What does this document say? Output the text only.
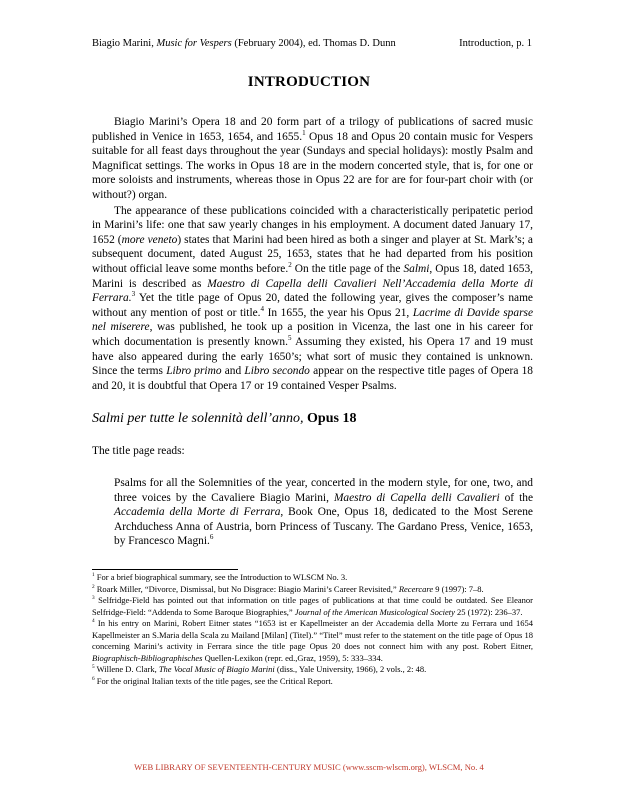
Biagio Marini, Music for Vespers (February 2004), ed. Thomas D. Dunn	Introduction, p. 1
INTRODUCTION

Biagio Marini’s Opera 18 and 20 form part of a trilogy of publications of sacred music published in Venice in 1653, 1654, and 1655.$^1$ Opus 18 and Opus 20 contain music for Vespers suitable for all feast days throughout the year (Sundays and special holidays): mostly Psalm and Magnificat settings. The works in Opus 18 are in the modern concerted style, that is, for one or more soloists and instruments, whereas those in Opus 22 are for are for four-part choir with (or without?) organ.

The appearance of these publications coincided with a characteristically peripatetic period in Marini’s life: one that saw yearly changes in his employment. A document dated January 17, 1652 (more veneto) states that Marini had been hired as both a singer and player at St. Mark’s; a subsequent document, dated August 25, 1653, states that he had departed from his position without official leave some months before.$^2$ On the title page of the Salmi, Opus 18, dated 1653, Marini is described as Maestro di Capella delli Cavalieri Nell’Accademia della Morte di Ferrara.$^3$ Yet the title page of Opus 20, dated the following year, gives the composer’s name without any mention of post or title.$^4$ In 1655, the year his Opus 21, Lacrime di Davide sparse nel miserere, was published, he took up a position in Vicenza, the last one in his career for which documentation is presently known.$^5$ Assuming they existed, his Opera 17 and 19 must have also appeared during the early 1650’s; what sort of music they contained is unknown. Since the terms Libro primo and Libro secondo appear on the respective title pages of Opera 18 and 20, it is doubtful that Opera 17 or 19 contained Vesper Psalms.

Salmi per tutte le solennità dell’anno, Opus 18
The title page reads:

Psalms for all the Solemnities of the year, concerted in the modern style, for one, two, and three voices by the Cavaliere Biagio Marini, Maestro di Capella delli Cavalieri of the Accademia della Morte di Ferrara, Book One, Opus 18, dedicated to the Most Serene Archduchess Anna of Austria, born Princess of Tuscany. The Gardano Press, Venice, 1653, by Francesco Magni.$^6$

$^1$ For a brief biographical summary, see the Introduction to WLSCM No. 3.

$^2$ Roark Miller, “Divorce, Dismissal, but No Disgrace: Biagio Marini’s Career Revisited,” Recercare 9 (1997): 7–8.

$^3$ Selfridge-Field has pointed out that information on title pages of publications at that time could be outdated. See Eleanor Selfridge-Field: “Addenda to Some Baroque Biographies,” Journal of the American Musicological Society 25 (1972): 236–37.

$^4$ In his entry on Marini, Robert Eitner states “1653 ist er Kapellmeister an der Accademia della Morte zu Ferrara und 1654 Kapellmeister an S.Maria della Scala zu Mailand [Milan] (Titel).” “Titel” must refer to the statement on the title page of Opus 18 concerning Marini’s activity in Ferrara since the title page Opus 20 does not connect him with any post. Robert Eitner, Biographisch-Bibliographisches Quellen-Lexikon (repr. ed.,Graz, 1959), 5: 333–334.

$^5$ Willene D. Clark, The Vocal Music of Biagio Marini (diss., Yale University, 1966), 2 vols., 2: 48.

$^6$ For the original Italian texts of the title pages, see the Critical Report.

WEB LIBRARY OF SEVENTEENTH-CENTURY MUSIC (www.sscm-wlscm.org), WLSCM, No. 4
